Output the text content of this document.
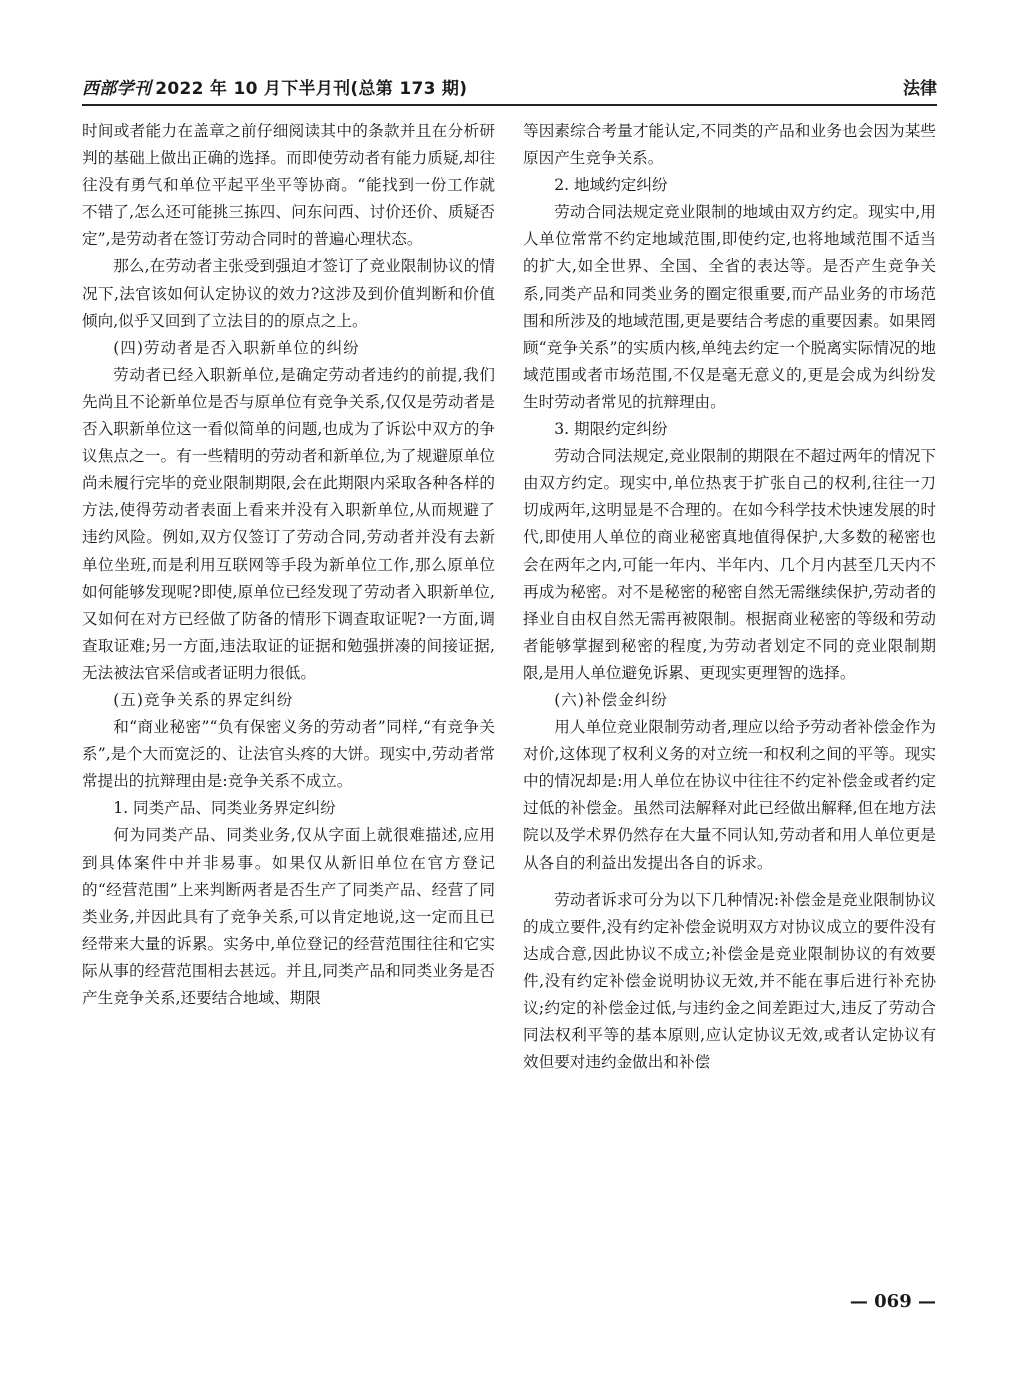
西部学刊 2022 年 10 月下半月刊(总第 173 期)	法律

时间或者能力在盖章之前仔细阅读其中的条款并且在分析研判的基础上做出正确的选择。而即使劳动者有能力质疑,却往往没有勇气和单位平起平坐平等协商。“能找到一份工作就不错了,怎么还可能挑三拣四、问东问西、讨价还价、质疑否定”,是劳动者在签订劳动合同时的普遍心理状态。

那么,在劳动者主张受到强迫才签订了竞业限制协议的情况下,法官该如何认定协议的效力?这涉及到价值判断和价值倾向,似乎又回到了立法目的的原点之上。

(四)劳动者是否入职新单位的纠纷

劳动者已经入职新单位,是确定劳动者违约的前提,我们先尚且不论新单位是否与原单位有竞争关系,仅仅是劳动者是否入职新单位这一看似简单的问题,也成为了诉讼中双方的争议焦点之一。有一些精明的劳动者和新单位,为了规避原单位尚未履行完毕的竞业限制期限,会在此期限内采取各种各样的方法,使得劳动者表面上看来并没有入职新单位,从而规避了违约风险。例如,双方仅签订了劳动合同,劳动者并没有去新单位坐班,而是利用互联网等手段为新单位工作,那么原单位如何能够发现呢?即使,原单位已经发现了劳动者入职新单位,又如何在对方已经做了防备的情形下调查取证呢?一方面,调查取证难;另一方面,违法取证的证据和勉强拼凑的间接证据,无法被法官采信或者证明力很低。

(五)竞争关系的界定纠纷

和“商业秘密”“负有保密义务的劳动者”同样,“有竞争关系”,是个大而宽泛的、让法官头疼的大饼。现实中,劳动者常常提出的抗辩理由是:竞争关系不成立。

1. 同类产品、同类业务界定纠纷

何为同类产品、同类业务,仅从字面上就很难描述,应用到具体案件中并非易事。如果仅从新旧单位在官方登记的“经营范围”上来判断两者是否生产了同类产品、经营了同类业务,并因此具有了竞争关系,可以肯定地说,这一定而且已经带来大量的诉累。实务中,单位登记的经营范围往往和它实际从事的经营范围相去甚远。并且,同类产品和同类业务是否产生竞争关系,还要结合地域、期限

等因素综合考量才能认定,不同类的产品和业务也会因为某些原因产生竞争关系。

2. 地域约定纠纷

劳动合同法规定竞业限制的地域由双方约定。现实中,用人单位常常不约定地域范围,即使约定,也将地域范围不适当的扩大,如全世界、全国、全省的表达等。是否产生竞争关系,同类产品和同类业务的圈定很重要,而产品业务的市场范围和所涉及的地域范围,更是要结合考虑的重要因素。如果罔顾“竞争关系”的实质内核,单纯去约定一个脱离实际情况的地域范围或者市场范围,不仅是毫无意义的,更是会成为纠纷发生时劳动者常见的抗辩理由。

3. 期限约定纠纷

劳动合同法规定,竞业限制的期限在不超过两年的情况下由双方约定。现实中,单位热衷于扩张自己的权利,往往一刀切成两年,这明显是不合理的。在如今科学技术快速发展的时代,即使用人单位的商业秘密真地值得保护,大多数的秘密也会在两年之内,可能一年内、半年内、几个月内甚至几天内不再成为秘密。对不是秘密的秘密自然无需继续保护,劳动者的择业自由权自然无需再被限制。根据商业秘密的等级和劳动者能够掌握到秘密的程度,为劳动者划定不同的竞业限制期限,是用人单位避免诉累、更现实更理智的选择。

(六)补偿金纠纷

用人单位竞业限制劳动者,理应以给予劳动者补偿金作为对价,这体现了权利义务的对立统一和权利之间的平等。现实中的情况却是:用人单位在协议中往往不约定补偿金或者约定过低的补偿金。虽然司法解释对此已经做出解释,但在地方法院以及学术界仍然存在大量不同认知,劳动者和用人单位更是从各自的利益出发提出各自的诉求。

劳动者诉求可分为以下几种情况:补偿金是竞业限制协议的成立要件,没有约定补偿金说明双方对协议成立的要件没有达成合意,因此协议不成立;补偿金是竞业限制协议的有效要件,没有约定补偿金说明协议无效,并不能在事后进行补充协议;约定的补偿金过低,与违约金之间差距过大,违反了劳动合同法权利平等的基本原则,应认定协议无效,或者认定协议有效但要对违约金做出和补偿

— 069 —
